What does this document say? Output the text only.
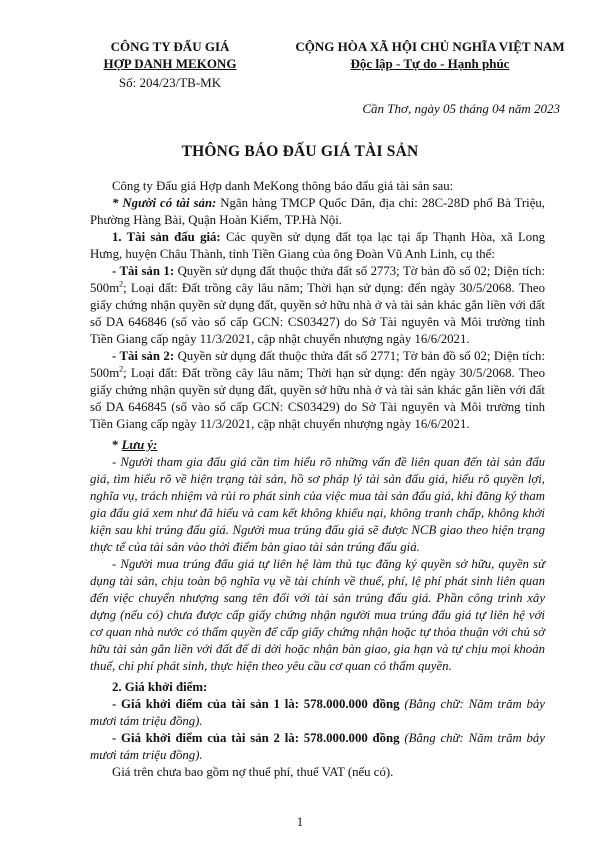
CÔNG TY ĐẤU GIÁ
HỢP DANH MEKONG
Số: 204/23/TB-MK
CỘNG HÒA XÃ HỘI CHỦ NGHĨA VIỆT NAM
Độc lập - Tự do - Hạnh phúc
Cần Thơ, ngày 05 tháng 04 năm 2023
THÔNG BÁO ĐẤU GIÁ TÀI SẢN

Công ty Đấu giá Hợp danh MeKong thông báo đấu giá tài sản sau:

* Người có tài sản: Ngân hàng TMCP Quốc Dân, địa chỉ: 28C-28D phố Bà Triệu, Phường Hàng Bài, Quận Hoàn Kiếm, TP.Hà Nội.

1. Tài sản đấu giá: Các quyền sử dụng đất tọa lạc tại ấp Thạnh Hòa, xã Long Hưng, huyện Châu Thành, tỉnh Tiền Giang của ông Đoàn Vũ Anh Linh, cụ thể:

- Tài sản 1: Quyền sử dụng đất thuộc thửa đất số 2773; Tờ bản đồ số 02; Diện tích: $500m^2$; Loại đất: Đất trồng cây lâu năm; Thời hạn sử dụng: đến ngày 30/5/2068. Theo giấy chứng nhận quyền sử dụng đất, quyền sở hữu nhà ở và tài sản khác gắn liền với đất số DA 646846 (số vào sổ cấp GCN: CS03427) do Sở Tài nguyên và Môi trường tỉnh Tiền Giang cấp ngày 11/3/2021, cập nhật chuyển nhượng ngày 16/6/2021.

- Tài sản 2: Quyền sử dụng đất thuộc thửa đất số 2771; Tờ bản đồ số 02; Diện tích: $500m^2$; Loại đất: Đất trồng cây lâu năm; Thời hạn sử dụng: đến ngày 30/5/2068. Theo giấy chứng nhận quyền sử dụng đất, quyền sở hữu nhà ở và tài sản khác gắn liền với đất số DA 646845 (số vào sổ cấp GCN: CS03429) do Sở Tài nguyên và Môi trường tỉnh Tiền Giang cấp ngày 11/3/2021, cập nhật chuyển nhượng ngày 16/6/2021.

* Lưu ý:

- Người tham gia đấu giá cần tìm hiểu rõ những vấn đề liên quan đến tài sản đấu giá, tìm hiểu rõ về hiện trạng tài sản, hồ sơ pháp lý tài sản đấu giá, hiểu rõ quyền lợi, nghĩa vụ, trách nhiệm và rủi ro phát sinh của việc mua tài sản đấu giá, khi đăng ký tham gia đấu giá xem như đã hiểu và cam kết không khiếu nại, không tranh chấp, không khởi kiện sau khi trúng đấu giá. Người mua trúng đấu giá sẽ được NCB giao theo hiện trạng thực tế của tài sản vào thời điểm bàn giao tài sản trúng đấu giá.

- Người mua trúng đấu giá tự liên hệ làm thủ tục đăng ký quyền sở hữu, quyền sử dụng tài sản, chịu toàn bộ nghĩa vụ về tài chính về thuế, phí, lệ phí phát sinh liên quan đến việc chuyển nhượng sang tên đối với tài sản trúng đấu giá. Phần công trình xây dựng (nếu có) chưa được cấp giấy chứng nhận người mua trúng đấu giá tự liên hệ với cơ quan nhà nước có thẩm quyền để cấp giấy chứng nhận hoặc tự thỏa thuận với chủ sở hữu tài sản gắn liền với đất để di dời hoặc nhận bàn giao, gia hạn và tự chịu mọi khoản thuế, chi phí phát sinh, thực hiện theo yêu cầu cơ quan có thẩm quyền.

2. Giá khởi điểm:

- Giá khởi điểm của tài sản 1 là: 578.000.000 đồng (Bằng chữ: Năm trăm bảy mươi tám triệu đồng).

- Giá khởi điểm của tài sản 2 là: 578.000.000 đồng (Bằng chữ: Năm trăm bảy mươi tám triệu đồng).

Giá trên chưa bao gồm nợ thuế phí, thuế VAT (nếu có).

1
